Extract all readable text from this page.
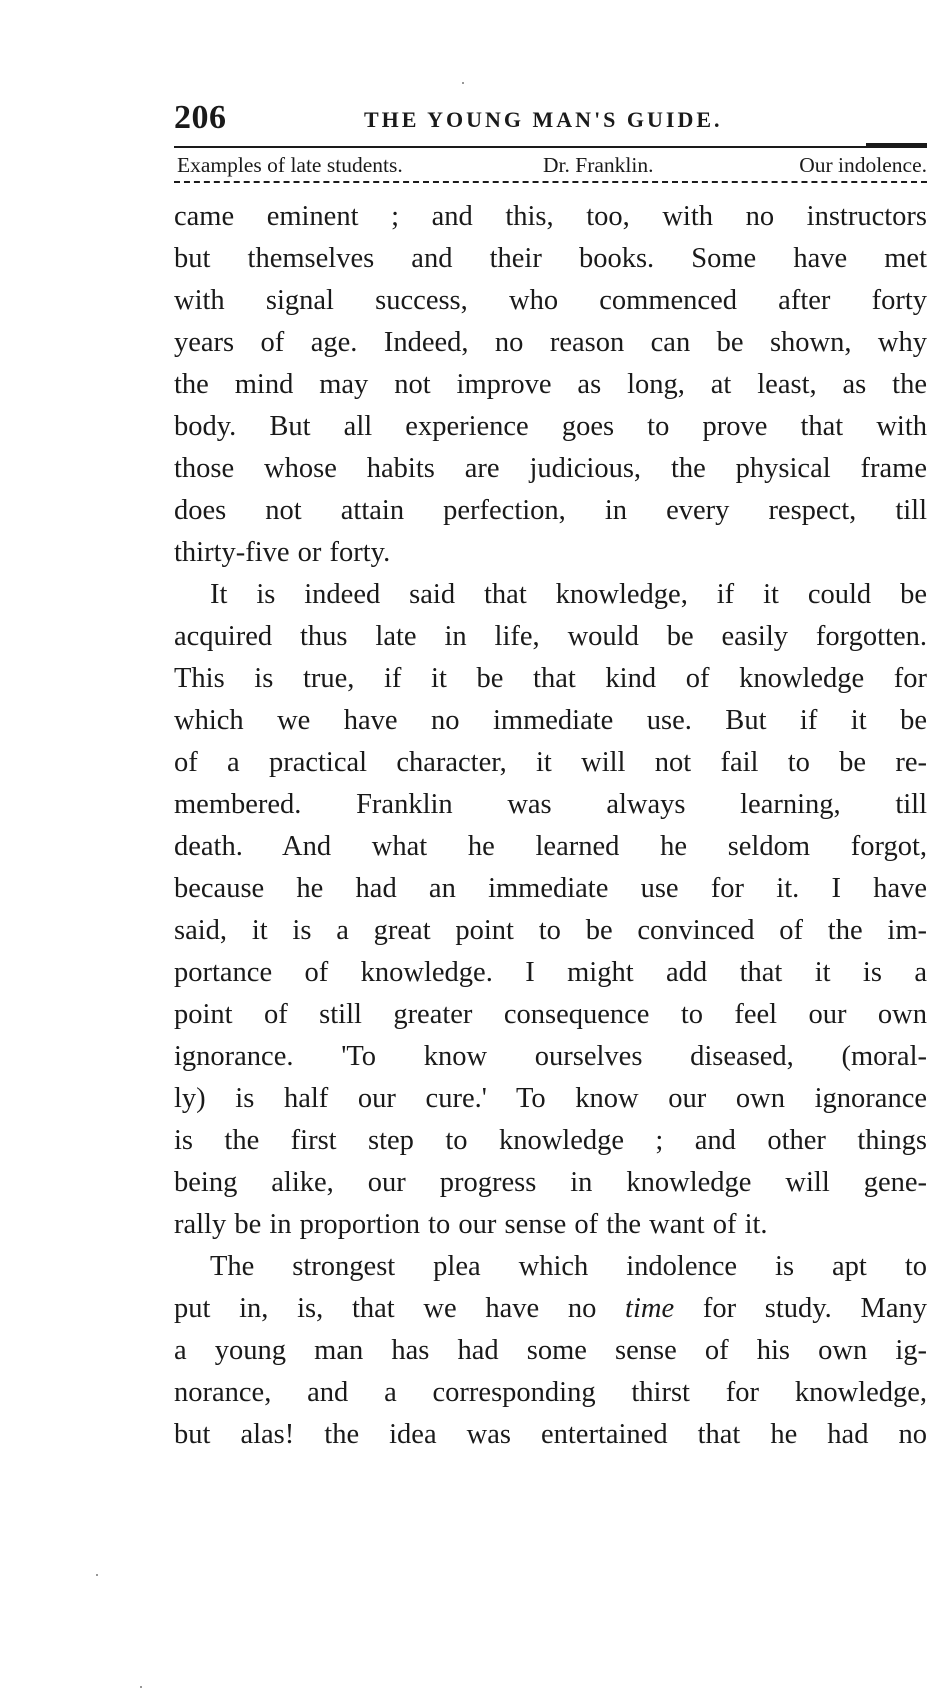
206	THE YOUNG MAN'S GUIDE.
Examples of late students.	Dr. Franklin.	Our indolence.

came eminent ; and this, too, with no instructors

but themselves and their books. Some have met

with signal success, who commenced after forty

years of age. Indeed, no reason can be shown, why

the mind may not improve as long, at least, as the

body. But all experience goes to prove that with

those whose habits are judicious, the physical frame

does not attain perfection, in every respect, till

thirty-five or forty.

It is indeed said that knowledge, if it could be

acquired thus late in life, would be easily forgotten.

This is true, if it be that kind of knowledge for

which we have no immediate use. But if it be

of a practical character, it will not fail to be re-

membered. Franklin was always learning, till

death. And what he learned he seldom forgot,

because he had an immediate use for it. I have

said, it is a great point to be convinced of the im-

portance of knowledge. I might add that it is a

point of still greater consequence to feel our own

ignorance. 'To know ourselves diseased, (moral-

ly) is half our cure.' To know our own ignorance

is the first step to knowledge ; and other things

being alike, our progress in knowledge will gene-

rally be in proportion to our sense of the want of it.

The strongest plea which indolence is apt to

put in, is, that we have no time for study. Many

a young man has had some sense of his own ig-

norance, and a corresponding thirst for knowledge,

but alas! the idea was entertained that he had no
